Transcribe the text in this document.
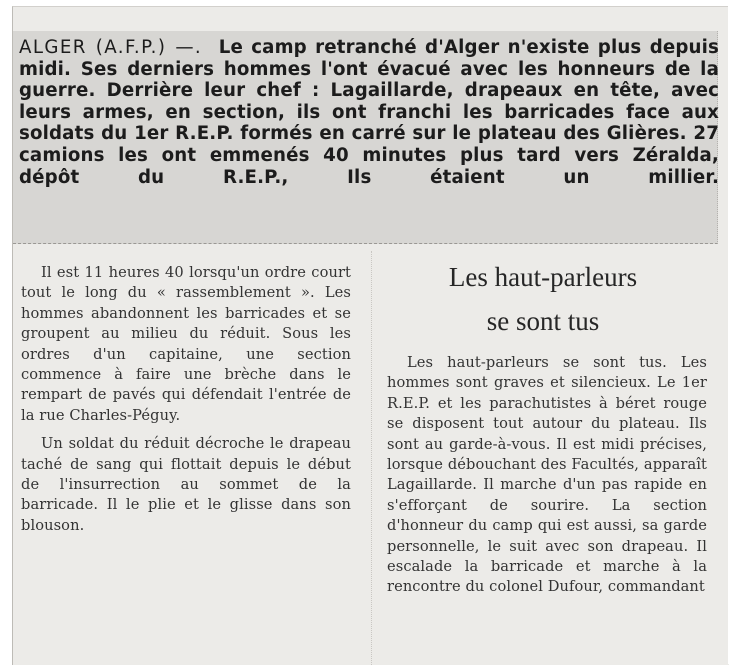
ALGER (A.F.P.) —. Le camp retranché d'Alger n'existe plus depuis midi. Ses derniers hommes l'ont évacué avec les honneurs de la guerre. Derrière leur chef : Lagaillarde, drapeaux en tête, avec leurs armes, en section, ils ont franchi les barricades face aux soldats du 1er R.E.P. formés en carré sur le plateau des Glières. 27 camions les ont emmenés 40 minutes plus tard vers Zéralda, dépôt du R.E.P., Ils étaient un millier.

Il est 11 heures 40 lorsqu'un ordre court tout le long du « rassemblement ». Les hommes abandonnent les barricades et se groupent au milieu du réduit. Sous les ordres d'un capitaine, une section commence à faire une brèche dans le rempart de pavés qui défendait l'entrée de la rue Charles-Péguy.

Un soldat du réduit décroche le drapeau taché de sang qui flottait depuis le début de l'insurrection au sommet de la barricade. Il le plie et le glisse dans son blouson.

Les haut-parleurs
se sont tus

Les haut-parleurs se sont tus. Les hommes sont graves et silencieux. Le 1er R.E.P. et les parachutistes à béret rouge se disposent tout autour du plateau. Ils sont au garde-à-vous. Il est midi précises, lorsque débouchant des Facultés, apparaît Lagaillarde. Il marche d'un pas rapide en s'efforçant de sourire. La section d'honneur du camp qui est aussi, sa garde personnelle, le suit avec son drapeau. Il escalade la barricade et marche à la rencontre du colonel Dufour, commandant
